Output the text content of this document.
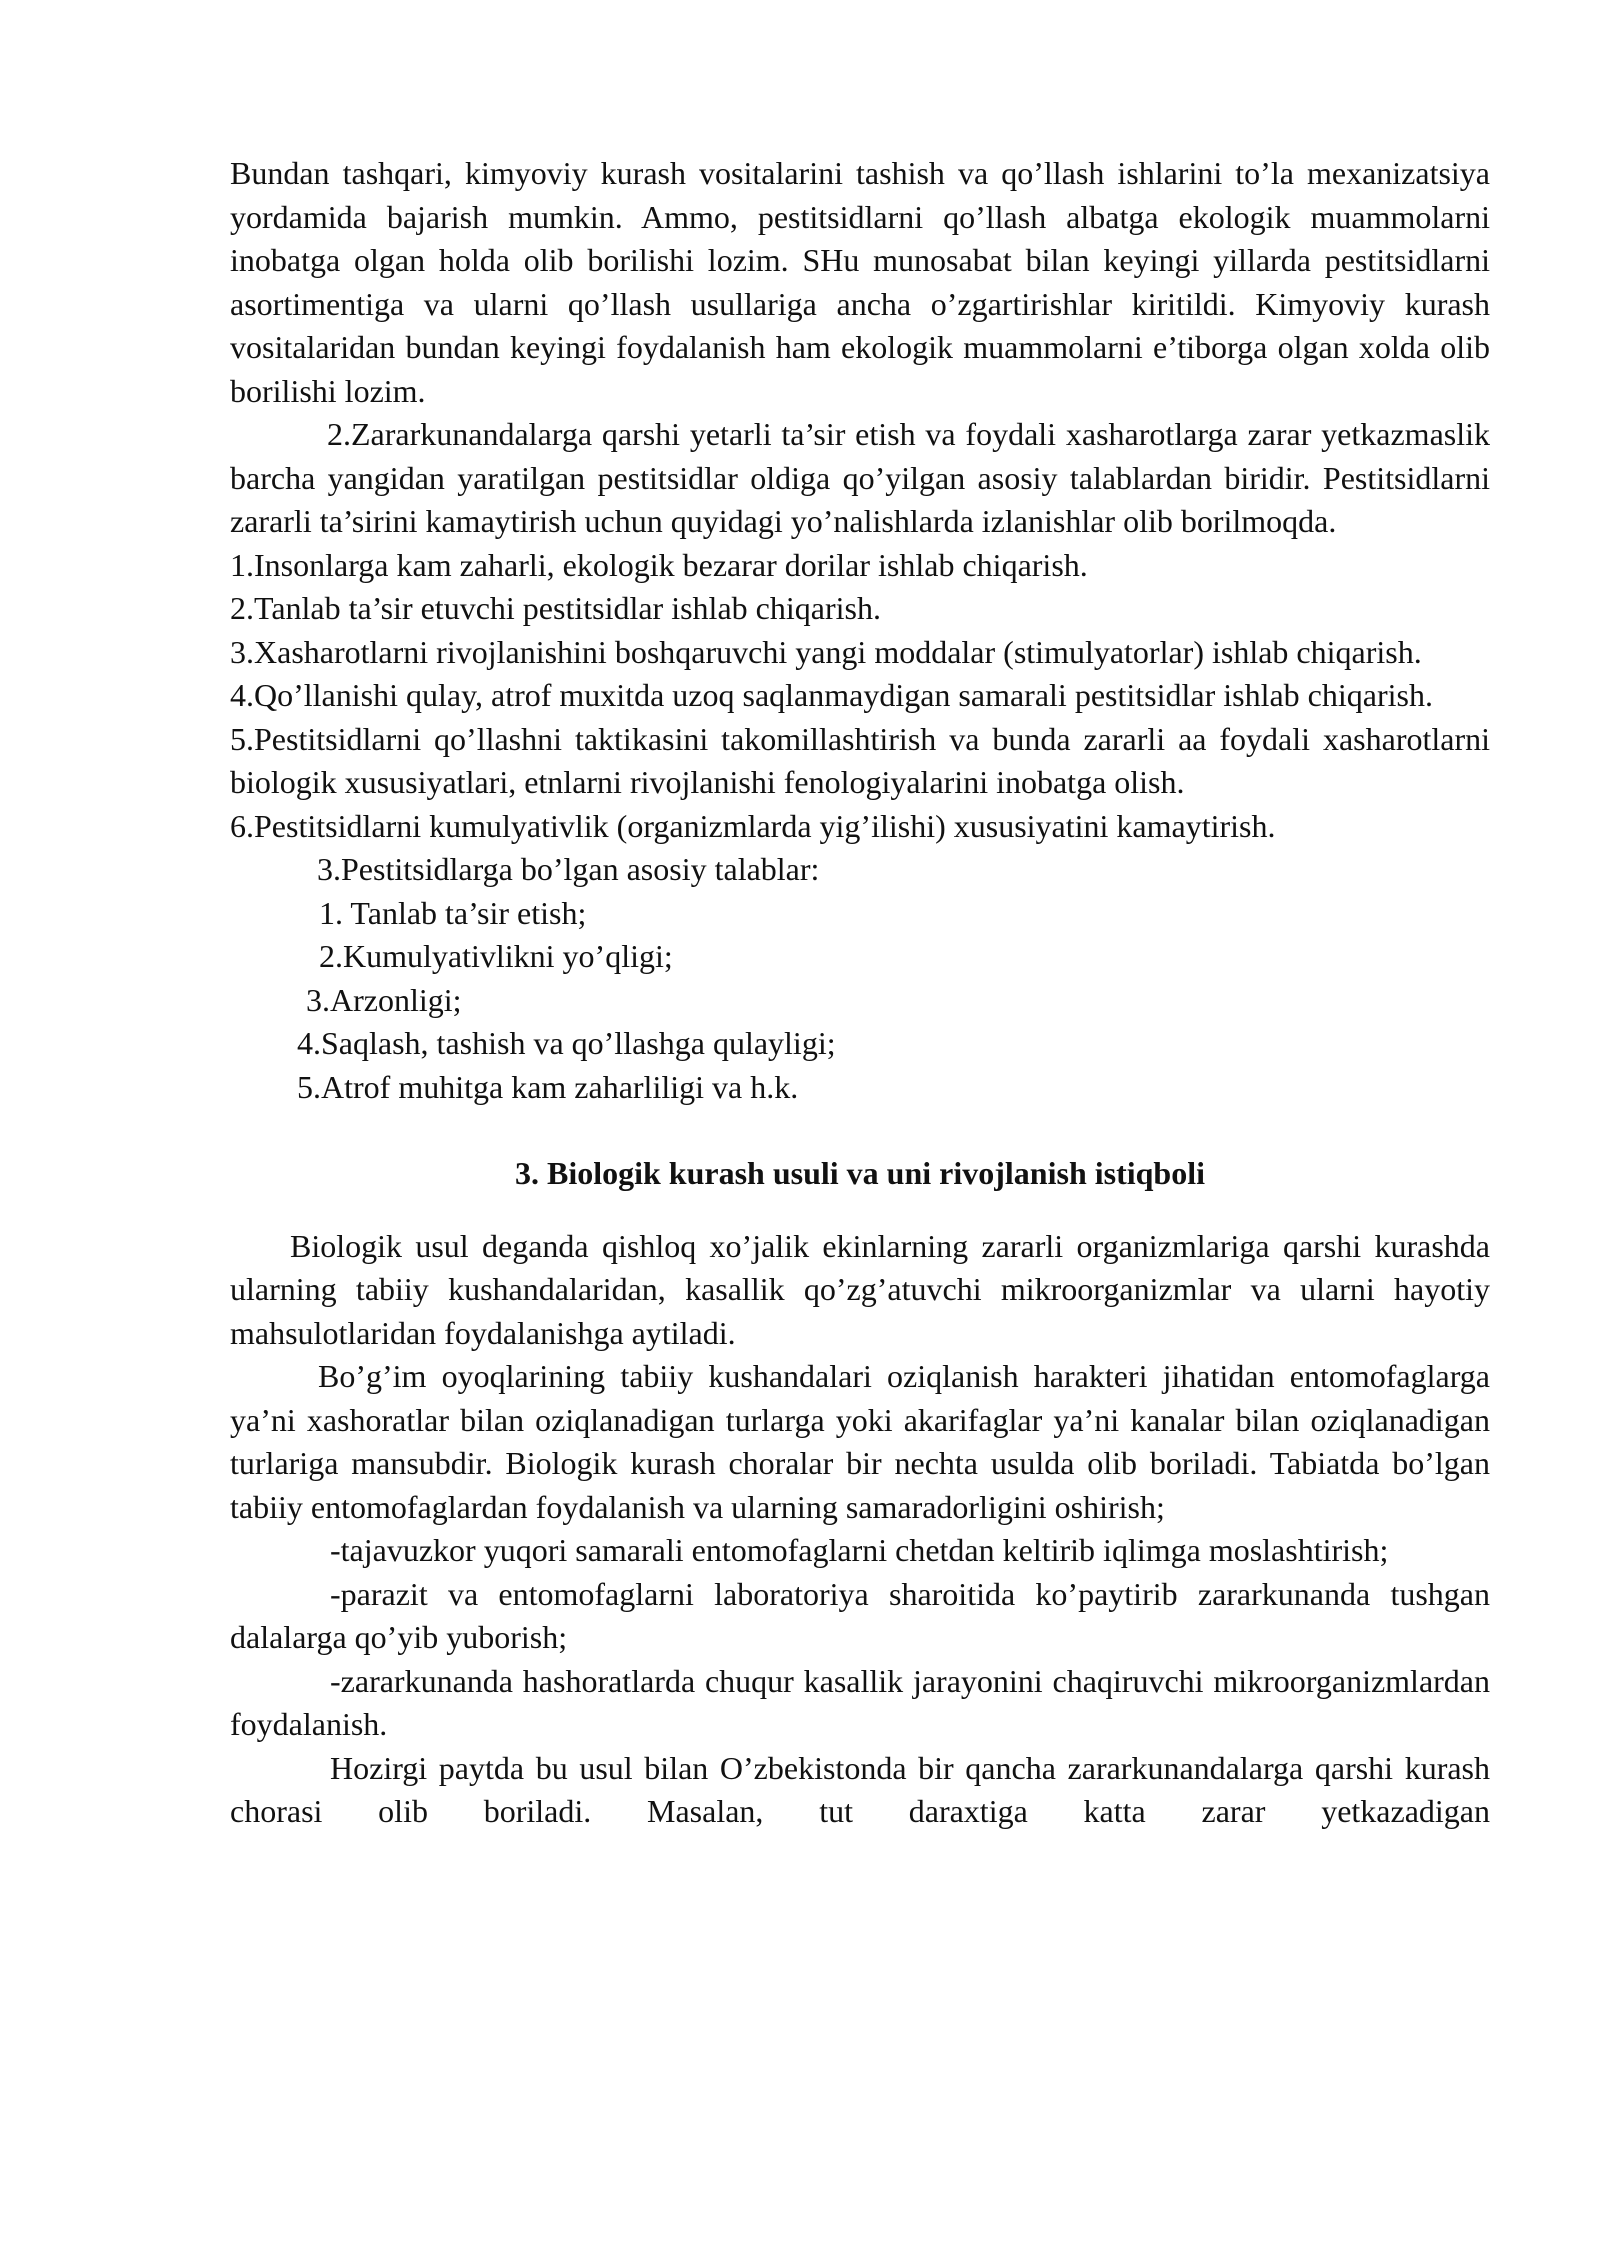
Bundan tashqari, kimyoviy kurash vositalarini tashish va qo’llash ishlarini to’la mexanizatsiya yordamida bajarish mumkin. Ammo, pestitsidlarni qo’llash albatga ekologik muammolarni inobatga olgan holda olib borilishi lozim. SHu munosabat bilan keyingi yillarda pestitsidlarni asortimentiga va ularni qo’llash usullariga ancha o’zgartirishlar kiritildi. Kimyoviy kurash vositalaridan bundan keyingi foydalanish ham ekologik muammolarni e’tiborga olgan xolda olib borilishi lozim.

2.Zararkunandalarga qarshi yetarli ta’sir etish va foydali xasharotlarga zarar yetkazmaslik barcha yangidan yaratilgan pestitsidlar oldiga qo’yilgan asosiy talablardan biridir. Pestitsidlarni zararli ta’sirini kamaytirish uchun quyidagi yo’nalishlarda izlanishlar olib borilmoqda.

1.Insonlarga kam zaharli, ekologik bezarar dorilar ishlab chiqarish.

2.Tanlab ta’sir etuvchi pestitsidlar ishlab chiqarish.

3.Xasharotlarni rivojlanishini boshqaruvchi yangi moddalar (stimulyatorlar) ishlab chiqarish.

4.Qo’llanishi qulay, atrof muxitda uzoq saqlanmaydigan samarali pestitsidlar ishlab chiqarish.

5.Pestitsidlarni qo’llashni taktikasini takomillashtirish va bunda zararli aa foydali xasharotlarni biologik xususiyatlari, etnlarni rivojlanishi fenologiyalarini inobatga olish.

6.Pestitsidlarni kumulyativlik (organizmlarda yig’ilishi) xususiyatini kamaytirish.

3.Pestitsidlarga bo’lgan asosiy talablar:

1. Tanlab ta’sir etish;

2.Kumulyativlikni yo’qligi;

3.Arzonligi;

4.Saqlash, tashish va qo’llashga qulayligi;

5.Atrof muhitga kam zaharliligi va h.k.

3. Biologik kurash usuli va uni rivojlanish istiqboli

Biologik usul deganda qishloq xo’jalik ekinlarning zararli organizmlariga qarshi kurashda ularning tabiiy kushandalaridan, kasallik qo’zg’atuvchi mikroorganizmlar va ularni hayotiy mahsulotlaridan foydalanishga aytiladi.

Bo’g’im oyoqlarining tabiiy kushandalari oziqlanish harakteri jihatidan entomofaglarga ya’ni xashoratlar bilan oziqlanadigan turlarga yoki akarifaglar ya’ni kanalar bilan oziqlanadigan turlariga mansubdir. Biologik kurash choralar bir nechta usulda olib boriladi. Tabiatda bo’lgan tabiiy entomofaglardan foydalanish va ularning samaradorligini oshirish;

-tajavuzkor yuqori samarali entomofaglarni chetdan keltirib iqlimga moslashtirish;

-parazit va entomofaglarni laboratoriya sharoitida ko’paytirib zararkunanda tushgan dalalarga qo’yib yuborish;

-zararkunanda hashoratlarda chuqur kasallik jarayonini chaqiruvchi mikroorganizmlardan foydalanish.

Hozirgi paytda bu usul bilan O’zbekistonda bir qancha zararkunandalarga qarshi kurash chorasi olib boriladi. Masalan, tut daraxtiga katta zarar yetkazadigan
